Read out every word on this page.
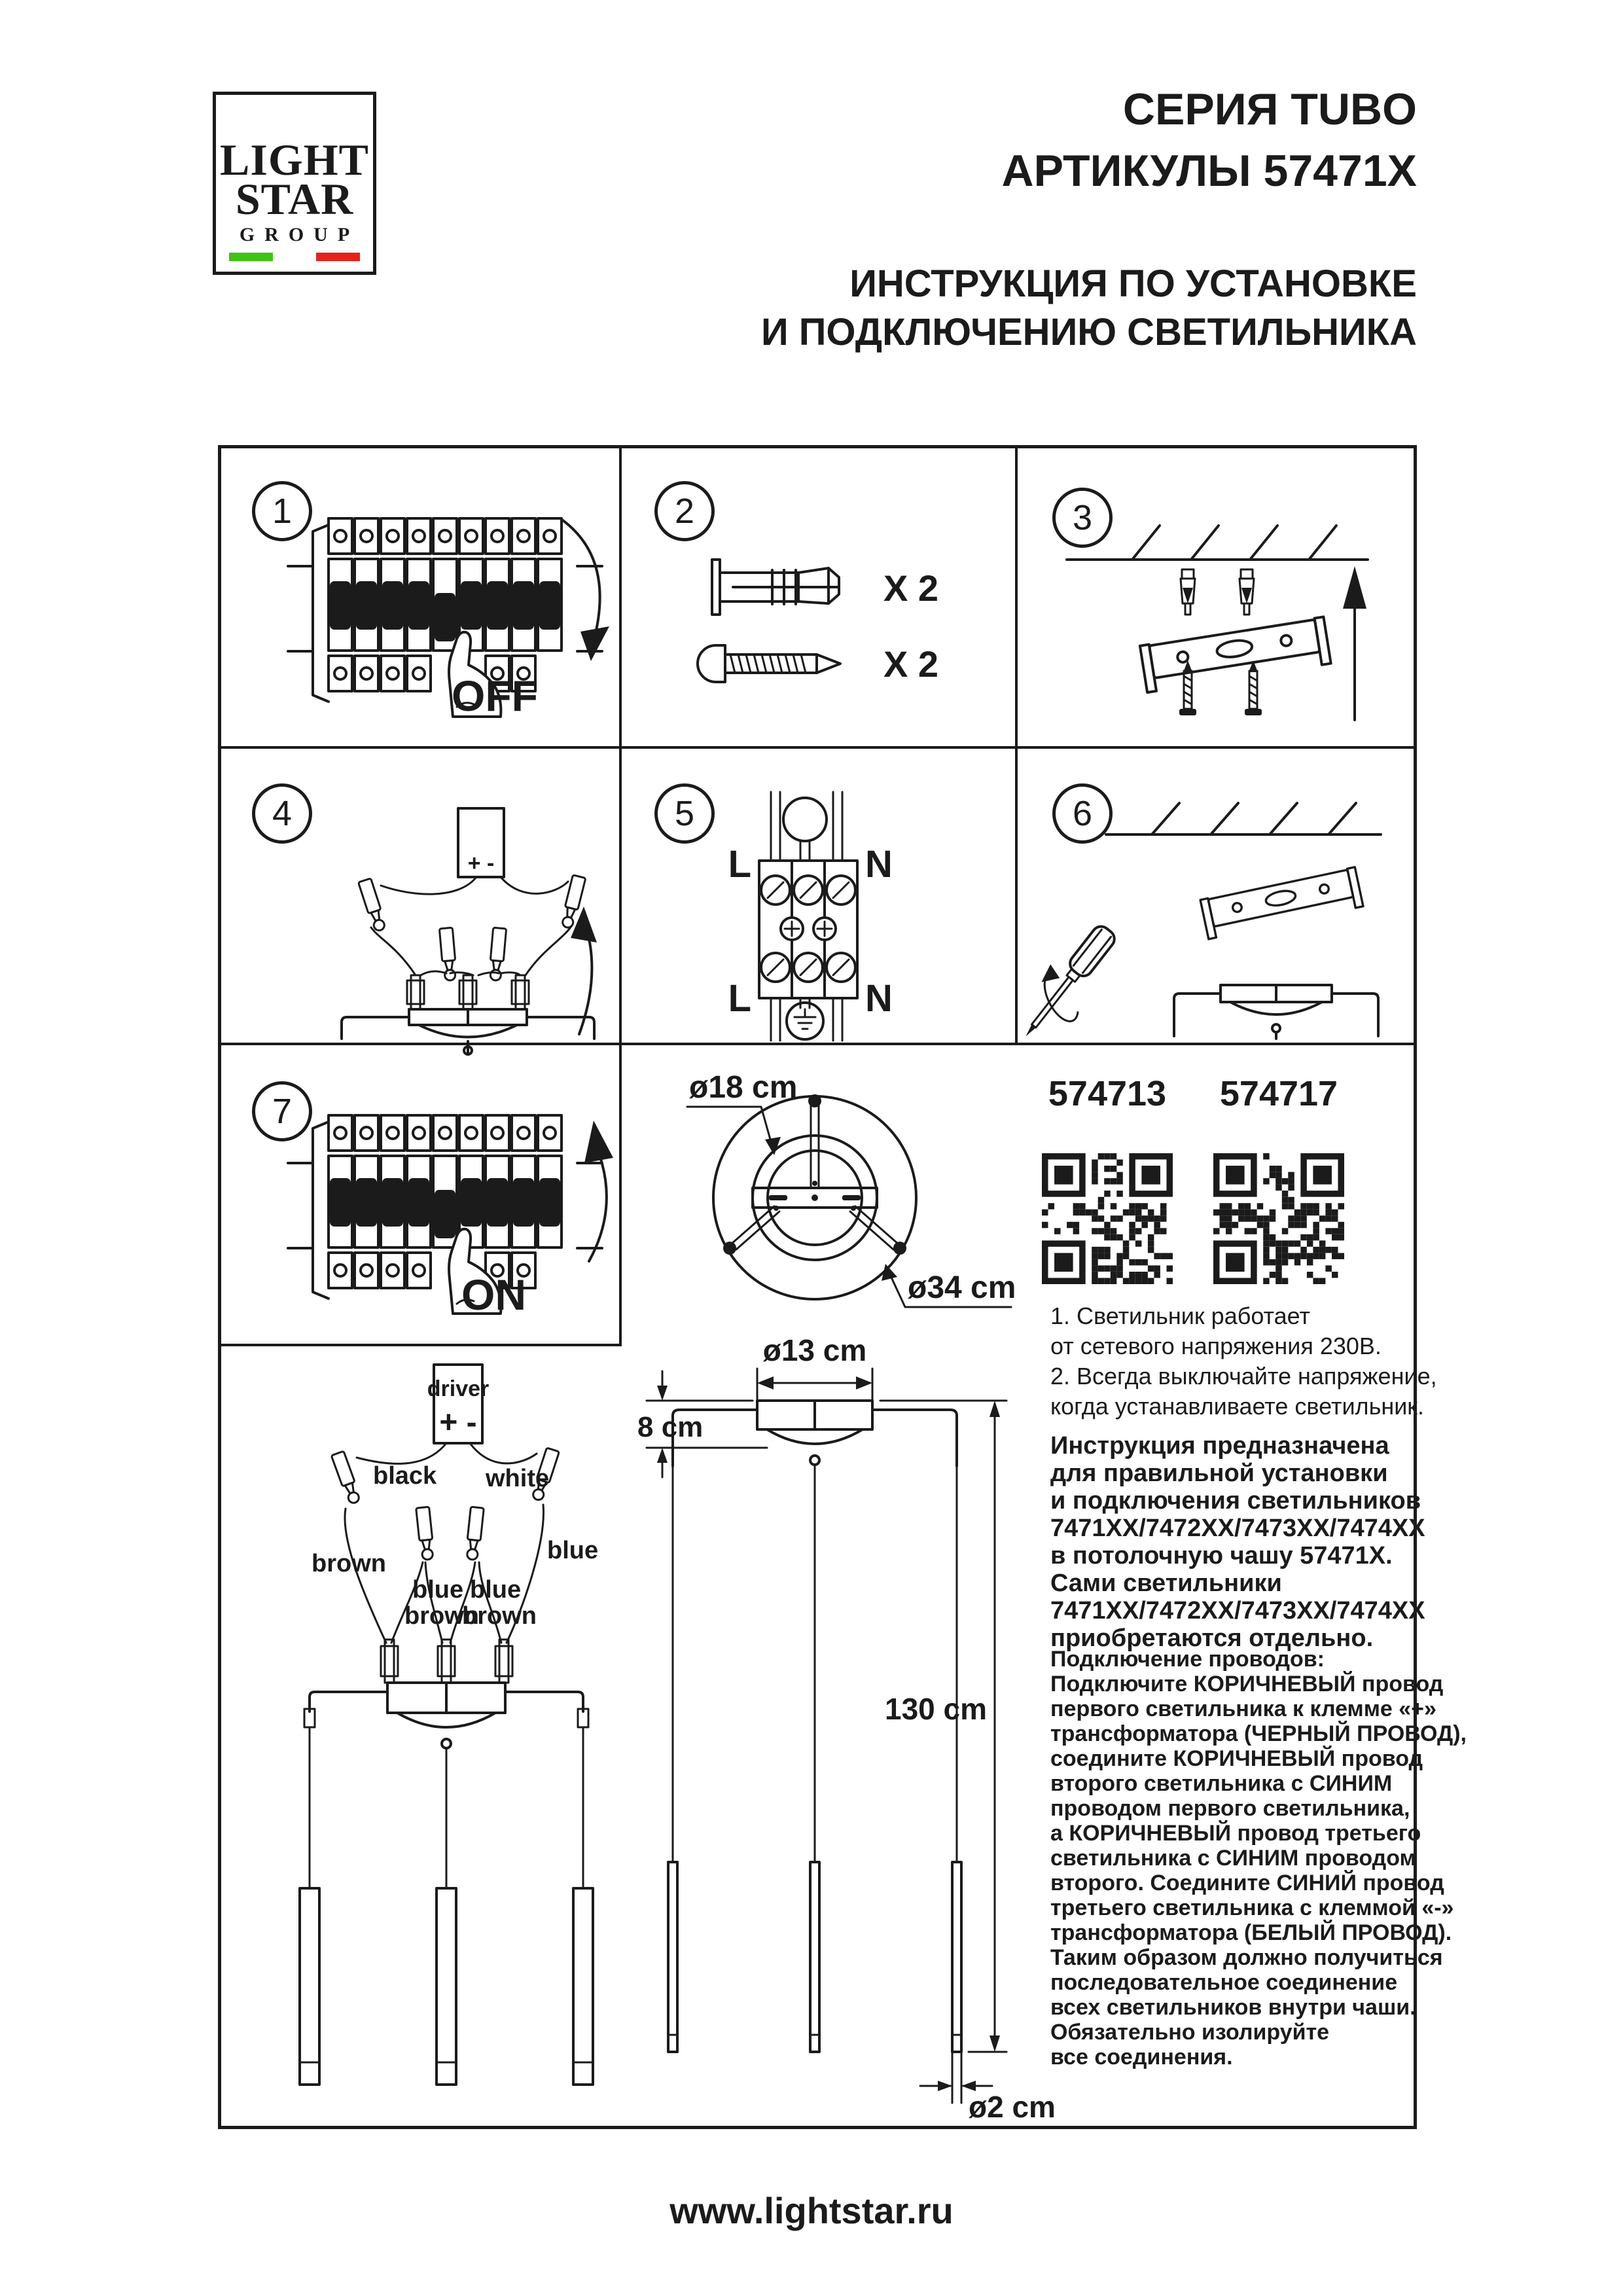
LIGHT
STAR
GROUP
СЕРИЯ TUBO
АРТИКУЛЫ 57471X
ИНСТРУКЦИЯ ПО УСТАНОВКЕ
И ПОДКЛЮЧЕНИЮ СВЕТИЛЬНИКА
1	2	3
4	5	6
7
OFF
X 2
X 2
+ -	L	N
L	N
ON
ø18 cm
ø34 cm
574713 574717
1. Светильник работает
от сетевого напряжения 230В.
2. Всегда выключайте напряжение,
когда устанавливаете светильник.
Инструкция предназначена
для правильной установки
и подключения светильников
7471XX/7472XX/7473XX/7474XX
в потолочную чашу 57471X.
Сами светильники
7471XX/7472XX/7473XX/7474XX
приобретаются отдельно.
Подключение проводов:
Подключите КОРИЧНЕВЫЙ провод
первого светильника к клемме «+»
трансформатора (ЧЕРНЫЙ ПРОВОД),
соедините КОРИЧНЕВЫЙ провод
второго светильника с СИНИМ
проводом первого светильника,
а КОРИЧНЕВЫЙ провод третьего
светильника с СИНИМ проводом
второго. Соедините СИНИЙ провод
третьего светильника с клеммой «-»
трансформатора (БЕЛЫЙ ПРОВОД).
Таким образом должно получиться
последовательное соединение
всех светильников внутри чаши.
Обязательно изолируйте
все соединения.
driver
+ -
black white
brown	blue
blue
brown
blue
brown
ø13 cm
8 cm
130 cm
ø2 cm
www.lightstar.ru
